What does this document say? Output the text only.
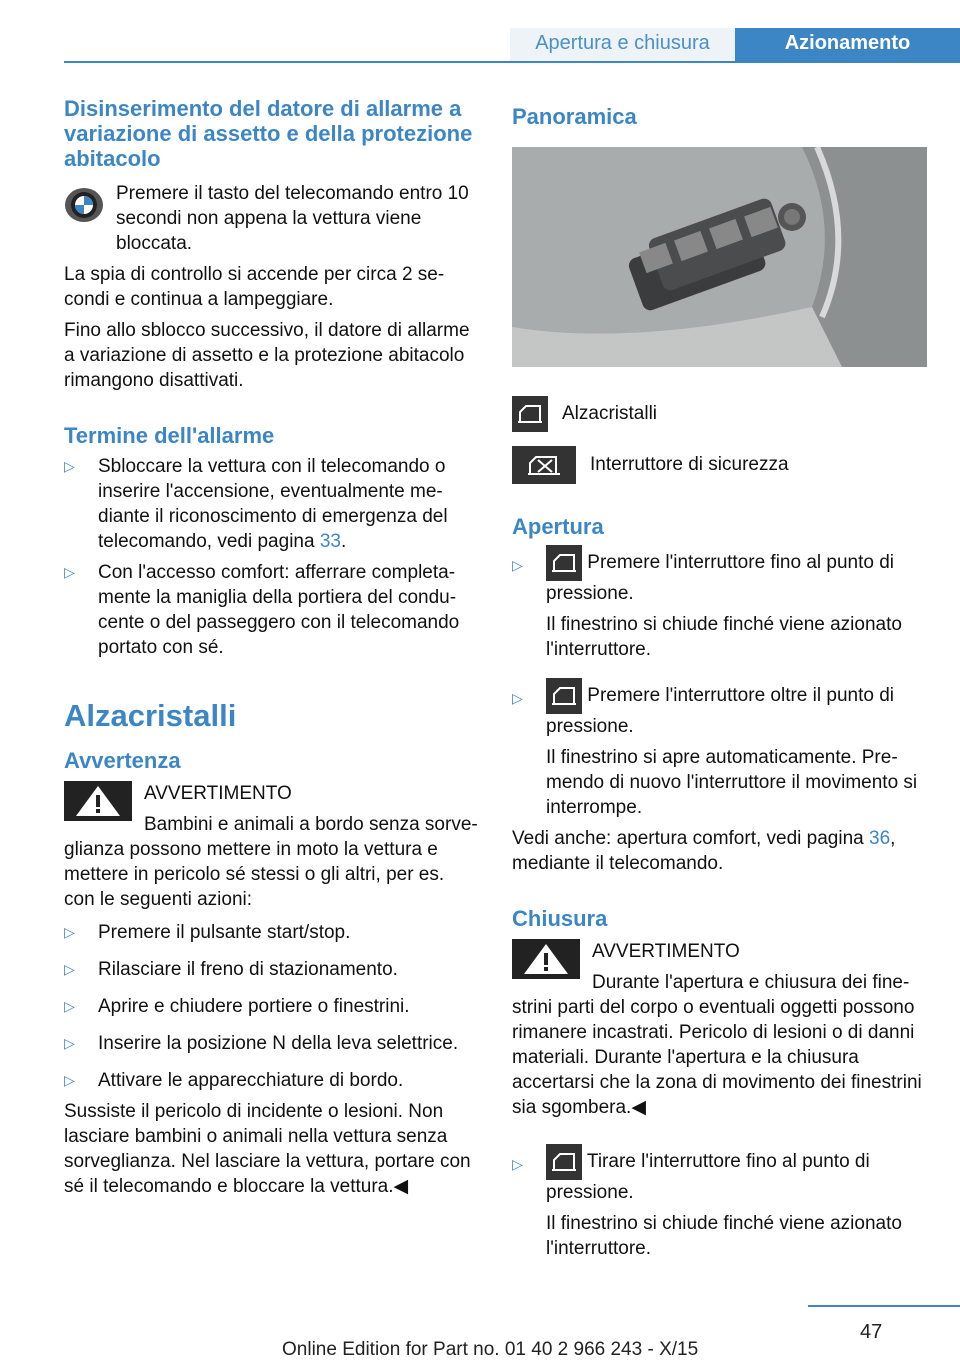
Apertura e chiusura	Azionamento
Disinserimento del datore di allarme a variazione di assetto e della protezione abitacolo

Premere il tasto del telecomando entro 10 secondi non appena la vettura viene bloccata.

La spia di controllo si accende per circa 2 secondi e continua a lampeggiare.

Fino allo sblocco successivo, il datore di allarme a variazione di assetto e la protezione abitacolo rimangono disattivati.

Termine dell'allarme
▷ Sbloccare la vettura con il telecomando o inserire l'accensione, eventualmente mediante il riconoscimento di emergenza del telecomando, vedi pagina 33.
▷ Con l'accesso comfort: afferrare completamente la maniglia della portiera del conducente o del passeggero con il telecomando portato con sé.
Alzacristalli
Avvertenza

AVVERTIMENTO

Bambini e animali a bordo senza sorveglianza possono mettere in moto la vettura e mettere in pericolo sé stessi o gli altri, per es. con le seguenti azioni:

▷ Premere il pulsante start/stop.
▷ Rilasciare il freno di stazionamento.
▷ Aprire e chiudere portiere o finestrini.
▷ Inserire la posizione N della leva selettrice.
▷ Attivare le apparecchiature di bordo.

Sussiste il pericolo di incidente o lesioni. Non lasciare bambini o animali nella vettura senza sorveglianza. Nel lasciare la vettura, portare con sé il telecomando e bloccare la vettura.◀

Panoramica
Alzacristalli
Interruttore di sicurezza
Apertura
▷	Premere l'interruttore fino al punto di pressione.

Il finestrino si chiude finché viene azionato l'interruttore.

▷	Premere l'interruttore oltre il punto di pressione.

Il finestrino si apre automaticamente. Premendo di nuovo l'interruttore il movimento si interrompe.

Vedi anche: apertura comfort, vedi pagina 36, mediante il telecomando.

Chiusura

AVVERTIMENTO

Durante l'apertura e chiusura dei finestrini parti del corpo o eventuali oggetti possono rimanere incastrati. Pericolo di lesioni o di danni materiali. Durante l'apertura e la chiusura accertarsi che la zona di movimento dei finestrini sia sgombera.◀

▷	Tirare l'interruttore fino al punto di pressione.

Il finestrino si chiude finché viene azionato l'interruttore.

47
Online Edition for Part no. 01 40 2 966 243 - X/15
